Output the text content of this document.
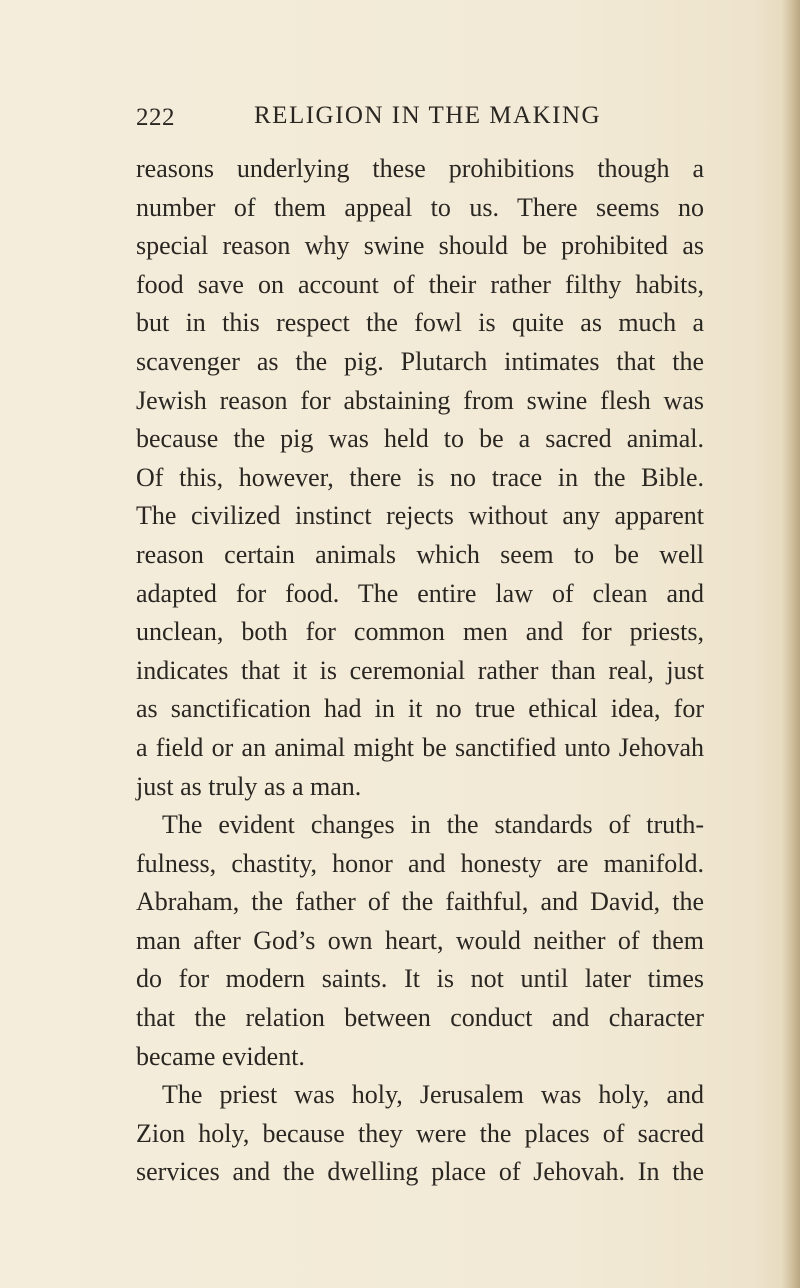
222	RELIGION IN THE MAKING
reasons underlying these prohibitions though a
number of them appeal to us. There seems no
special reason why swine should be prohibited as
food save on account of their rather filthy habits,
but in this respect the fowl is quite as much a
scavenger as the pig. Plutarch intimates that the
Jewish reason for abstaining from swine flesh was
because the pig was held to be a sacred animal.
Of this, however, there is no trace in the Bible.
The civilized instinct rejects without any apparent
reason certain animals which seem to be well
adapted for food. The entire law of clean and
unclean, both for common men and for priests,
indicates that it is ceremonial rather than real, just
as sanctification had in it no true ethical idea, for
a field or an animal might be sanctified unto Jehovah
just as truly as a man.
The evident changes in the standards of truth-
fulness, chastity, honor and honesty are manifold.
Abraham, the father of the faithful, and David, the
man after God’s own heart, would neither of them
do for modern saints. It is not until later times
that the relation between conduct and character
became evident.
The priest was holy, Jerusalem was holy, and
Zion holy, because they were the places of sacred
services and the dwelling place of Jehovah. In the
